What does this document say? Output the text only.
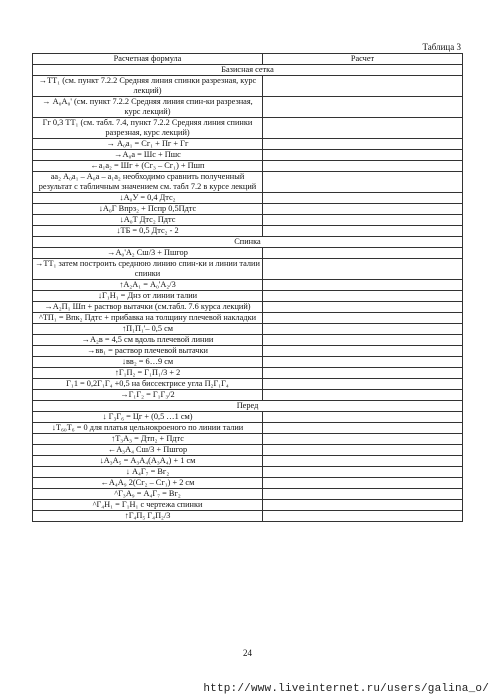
Таблица 3
Расчетная формула	Расчет
Базисная сетка	
→ТТ₁ (см. пункт 7.2.2 Средняя линия спинки разрезная, курс лекций)	
→ А₀А₀' (см. пункт 7.2.2 Средняя линия спин-ки разрезная, курс лекций)	
Гг 0,3 ТТ₁ (см. табл. 7.4, пункт 7.2.2 Средняя линия спинки разрезная, курс лекций)	
→ А₀а₁ = Сг₁ + Пг + Гг	
→А₀а = Шс + Пшс	
←а₁а₂ = Шг + (Сг₃ – Сг₁) + Пшп	
аа₂ А₀а₁ – А₀а – а₁а₂ необходимо сравнить полученный результат с табличным значением см. табл 7.2 в курсе лекций	
↓А₀У = 0,4 Дтс₂	
↓А₀Г Впрз₂ + Пспр 0,5Пдтс	
↓А₀Т Дтс₂ Пдтс	
↓ТБ = 0,5 Дтс₂ - 2	
Спинка	
→А₀'А₂ Сш/3 + Пшгор	
→ТТ₁ затем построить среднюю линию спин-ки и линии талии спинки	
↑А₂А₁ = А₀'А₂/3	
↓Г₁Н₁ = Днз от линии талии	
→А₂П₁ Шп + раствор вытачки (см.табл. 7.6 курса лекций)	
^ТП₁ = Впк₂ Пдтс + прибавка на толщину плечевой накладки	
↑П₁П₁'– 0,5 см	
→А₂в = 4,5 см вдоль плечевой линии	
→вв₁ = раствор плечевой вытачки	
↓вв₂ = 6…9 см	
↑Г₁П₂ = Г₁П₁/3 + 2	
Г₁1 = 0,2Г₁Г₄ +0,5 на биссектрисе угла П₂Г₁Г₄	
→Г₁Г₂ = Г₁Г₃/2	
Перед	
↓ Г₃Г₆ = Цг + (0,5 …1 см)	
↓Т₆₀Т₆ = 0 для платья цельнокроеного по линии талии	
↑Т₃А₃ = Дтп₂ + Пдтс	
←А₃А₄ Сш/3 + Пшгор	
↓А₃А₅ = А₃А₄(А₃А₄) + 1 см	
↓ А₄Г₇ = Вг₂	
←А₄А₉ 2(Сг₂ – Сг₁) + 2 см	
^Г₃А₉ = А₄Г₇ = Вг₂	
^Г₄Н₁ = Г₁Н₁ с чертежа спинки	
↑Г₄П₅ Г₄П₂/3	
24
http://www.liveinternet.ru/users/galina_o/
